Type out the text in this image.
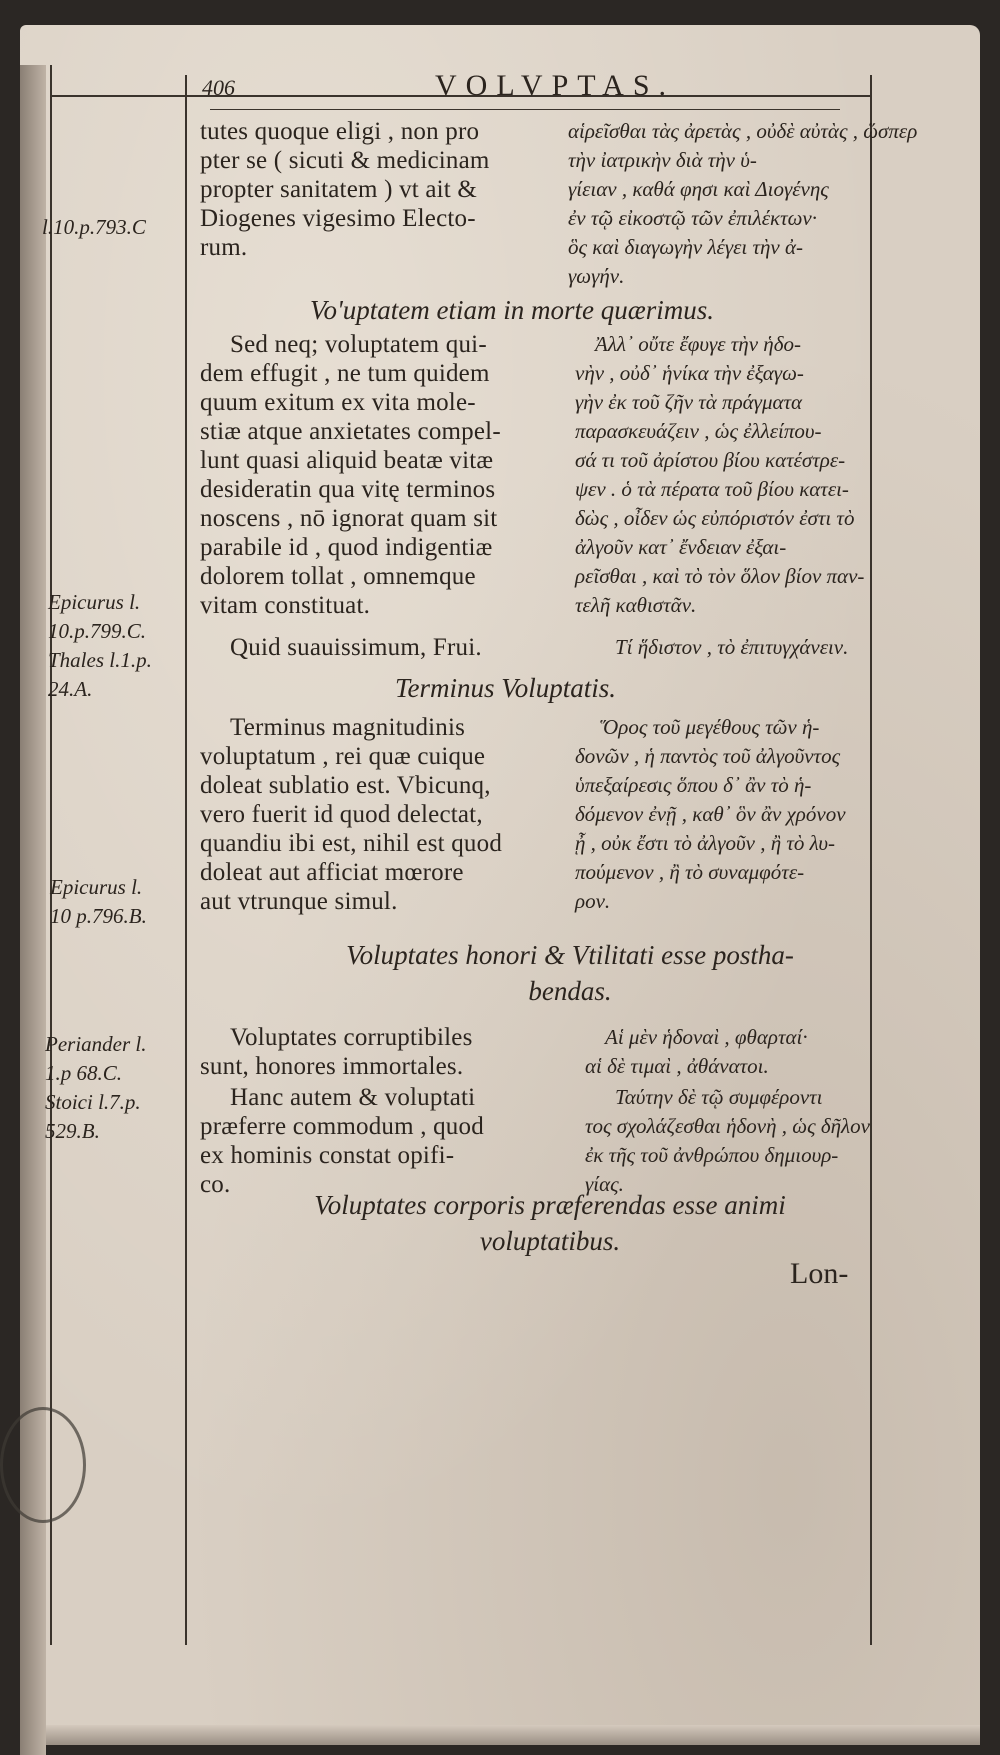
406	VOLVPTAS.
l.10.p.793.C
tutes quoque eligi , non pro
pter se ( sicuti & medicinam
propter sanitatem ) vt ait &
Diogenes vigesimo Electo-
rum.
αἱρεῖσθαι τὰς ἀρετὰς , οὐδὲ αὐτὰς , ὥσπερ
τὴν ἰατρικὴν διὰ τὴν ὑ-
γίειαν , καθά φησι καὶ Διογένης
ἐν τῷ εἰκοστῷ τῶν ἐπιλέκτων·
ὃς καὶ διαγωγὴν λέγει τὴν ἀ-
γωγήν.
Vo'uptatem etiam in morte quærimus.
Epicurus l.
10.p.799.C.
Thales l.1.p.
24.A.
Sed neq; voluptatem qui-
dem effugit , ne tum quidem
quum exitum ex vita mole-
stiæ atque anxietates compel-
lunt quasi aliquid beatæ vitæ
desideratin qua vitę terminos
noscens , nō ignorat quam sit
parabile id , quod indigentiæ
dolorem tollat , omnemque
vitam constituat.
Ἀλλ᾽ οὔτε ἔφυγε τὴν ἡδο-
νὴν , οὐδ᾽ ἡνίκα τὴν ἐξαγω-
γὴν ἐκ τοῦ ζῆν τὰ πράγματα
παρασκευάζειν , ὡς ἐλλείπου-
σά τι τοῦ ἀρίστου βίου κατέστρε-
ψεν . ὁ τὰ πέρατα τοῦ βίου κατει-
δὼς , οἶδεν ὡς εὐπόριστόν ἐστι τὸ
ἀλγοῦν κατ᾽ ἔνδειαν ἐξαι-
ρεῖσθαι , καὶ τὸ τὸν ὅλον βίον παν-
τελῆ καθιστᾶν.
Quid suauissimum, Frui.	Τί ἥδιστον , τὸ ἐπιτυγχάνειν.
Terminus Voluptatis.
Epicurus l.
10 p.796.B.
Terminus magnitudinis
voluptatum , rei quæ cuique
doleat sublatio est. Vbicunq,
vero fuerit id quod delectat,
quandiu ibi est, nihil est quod
doleat aut afficiat mœrore
aut vtrunque simul.
Ὅρος τοῦ μεγέθους τῶν ἡ-
δονῶν , ἡ παντὸς τοῦ ἀλγοῦντος
ὑπεξαίρεσις ὅπου δ᾽ ἂν τὸ ἡ-
δόμενον ἐνῇ , καθ᾽ ὃν ἂν χρόνον
ᾖ , οὐκ ἔστι τὸ ἀλγοῦν , ἢ τὸ λυ-
πούμενον , ἢ τὸ συναμφότε-
ρον.
Voluptates honori & Vtilitati esse postha-
bendas.
Periander l.
1.p 68.C.
Stoici l.7.p.
529.B.
Voluptates corruptibiles
sunt, honores immortales.
Hanc autem & voluptati
præferre commodum , quod
ex hominis constat opifi-
co.
Αἱ μὲν ἡδοναὶ , φθαρταί·
αἱ δὲ τιμαὶ , ἀθάνατοι.
Ταύτην δὲ τῷ συμφέροντι
τος σχολάζεσθαι ἡδονὴ , ὡς δῆλον
ἐκ τῆς τοῦ ἀνθρώπου δημιουρ-
γίας.
Voluptates corporis præferendas esse animi
voluptatibus.
Lon-
